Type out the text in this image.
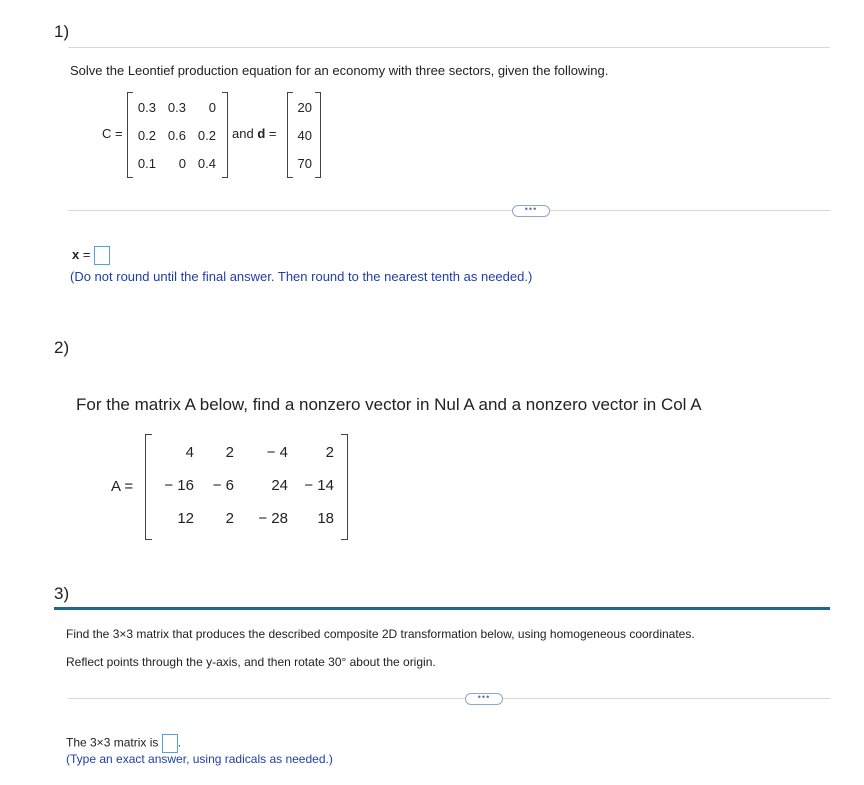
1)
Solve the Leontief production equation for an economy with three sectors, given the following.
C =
0.3 0.3	0
0.2 0.6 0.2
0.1	0 0.4
and d =
20
40
70
•••
x =
(Do not round until the final answer. Then round to the nearest tenth as needed.)
2)
For the matrix A below, find a nonzero vector in Nul A and a nonzero vector in Col A
A =
4	2	− 4	2
− 16	− 6	24	− 14
12	2	− 28	18
3)
Find the 3×3 matrix that produces the described composite 2D transformation below, using homogeneous coordinates.
Reflect points through the y-axis, and then rotate 30° about the origin.
•••
The 3×3 matrix is .
(Type an exact answer, using radicals as needed.)
